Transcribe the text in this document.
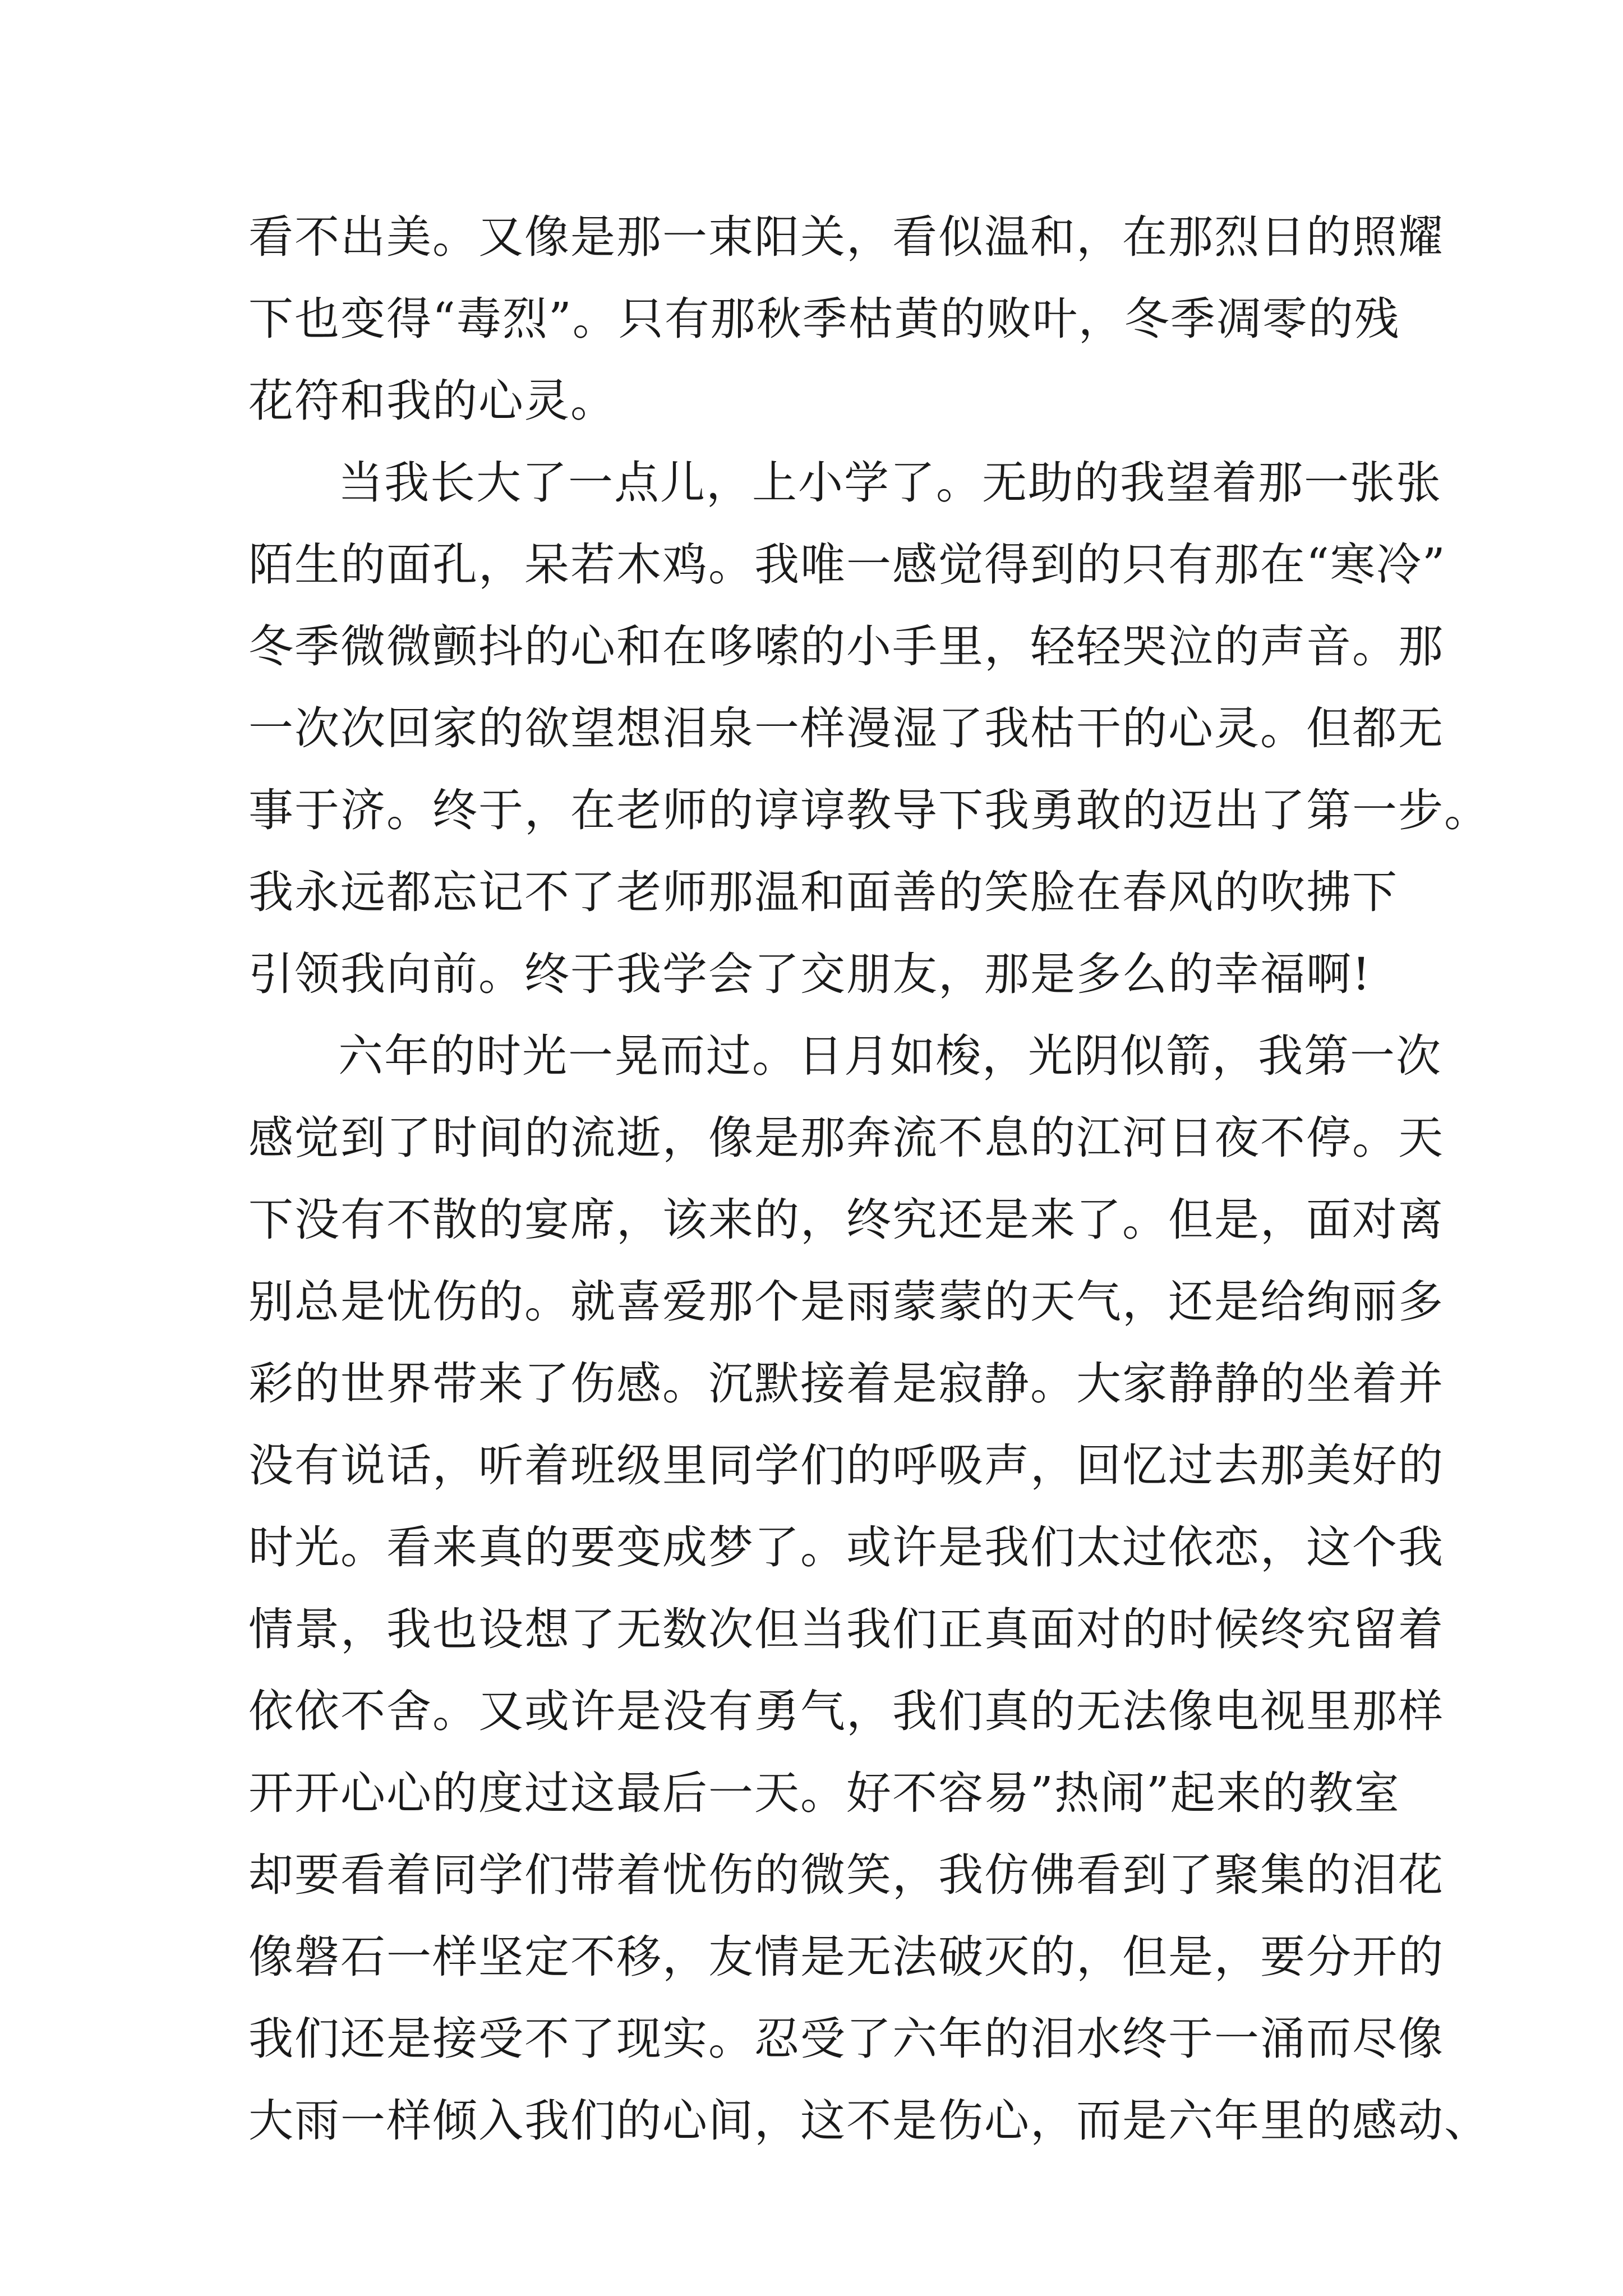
看不出美。又像是那一束阳关，看似温和，在那烈日的照耀
下也变得“毒烈”。只有那秋季枯黄的败叶，冬季凋零的残
花符和我的心灵。
当我长大了一点儿，上小学了。无助的我望着那一张张
陌生的面孔，呆若木鸡。我唯一感觉得到的只有那在“寒冷”
冬季微微颤抖的心和在哆嗦的小手里，轻轻哭泣的声音。那
一次次回家的欲望想泪泉一样漫湿了我枯干的心灵。但都无
事于济。终于，在老师的谆谆教导下我勇敢的迈出了第一步。
我永远都忘记不了老师那温和面善的笑脸在春风的吹拂下
引领我向前。终于我学会了交朋友，那是多么的幸福啊!
六年的时光一晃而过。日月如梭，光阴似箭，我第一次
感觉到了时间的流逝，像是那奔流不息的江河日夜不停。天
下没有不散的宴席，该来的，终究还是来了。但是，面对离
别总是忧伤的。就喜爱那个是雨蒙蒙的天气，还是给绚丽多
彩的世界带来了伤感。沉默接着是寂静。大家静静的坐着并
没有说话，听着班级里同学们的呼吸声，回忆过去那美好的
时光。看来真的要变成梦了。或许是我们太过依恋，这个我
情景，我也设想了无数次但当我们正真面对的时候终究留着
依依不舍。又或许是没有勇气，我们真的无法像电视里那样
开开心心的度过这最后一天。好不容易”热闹”起来的教室
却要看着同学们带着忧伤的微笑，我仿佛看到了聚集的泪花
像磐石一样坚定不移，友情是无法破灭的，但是，要分开的
我们还是接受不了现实。忍受了六年的泪水终于一涌而尽像
大雨一样倾入我们的心间，这不是伤心，而是六年里的感动、
